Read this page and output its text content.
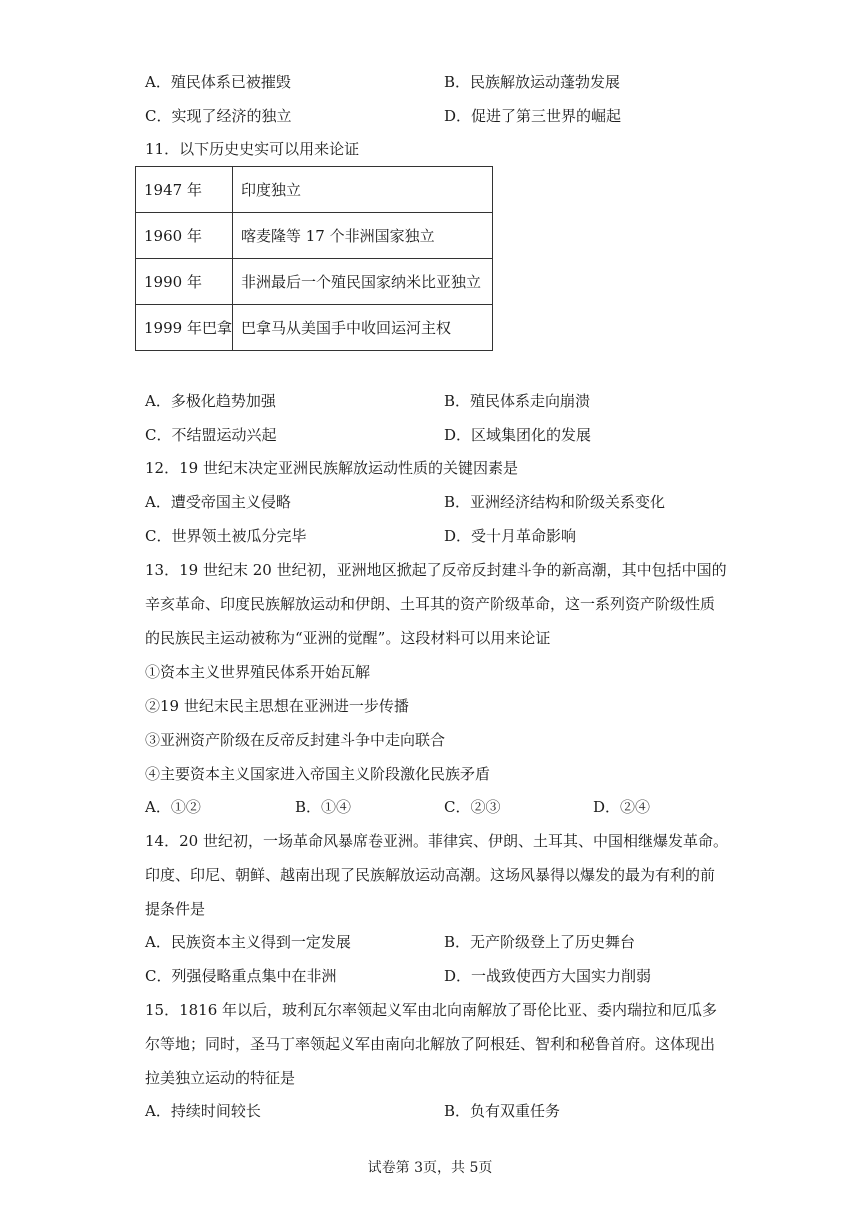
A．殖民体系已被摧毁	B．民族解放运动蓬勃发展
C．实现了经济的独立	D．促进了第三世界的崛起
11．以下历史史实可以用来论证
1947 年	印度独立
1960 年	喀麦隆等 17 个非洲国家独立
1990 年	非洲最后一个殖民国家纳米比亚独立
1999 年巴拿	巴拿马从美国手中收回运河主权
A．多极化趋势加强	B．殖民体系走向崩溃
C．不结盟运动兴起	D．区域集团化的发展
12．19 世纪末决定亚洲民族解放运动性质的关键因素是
A．遭受帝国主义侵略	B．亚洲经济结构和阶级关系变化
C．世界领土被瓜分完毕	D．受十月革命影响
13．19 世纪末 20 世纪初，亚洲地区掀起了反帝反封建斗争的新高潮，其中包括中国的
辛亥革命、印度民族解放运动和伊朗、土耳其的资产阶级革命，这一系列资产阶级性质
的民族民主运动被称为“亚洲的觉醒”。这段材料可以用来论证
①资本主义世界殖民体系开始瓦解
②19 世纪末民主思想在亚洲进一步传播
③亚洲资产阶级在反帝反封建斗争中走向联合
④主要资本主义国家进入帝国主义阶段激化民族矛盾
A．①②	B．①④	C．②③	D．②④
14．20 世纪初，一场革命风暴席卷亚洲。菲律宾、伊朗、土耳其、中国相继爆发革命。
印度、印尼、朝鲜、越南出现了民族解放运动高潮。这场风暴得以爆发的最为有利的前
提条件是
A．民族资本主义得到一定发展	B．无产阶级登上了历史舞台
C．列强侵略重点集中在非洲	D．一战致使西方大国实力削弱
15．1816 年以后，玻利瓦尔率领起义军由北向南解放了哥伦比亚、委内瑞拉和厄瓜多
尔等地；同时，圣马丁率领起义军由南向北解放了阿根廷、智利和秘鲁首府。这体现出
拉美独立运动的特征是
A．持续时间较长	B．负有双重任务
试卷第 3页，共 5页
